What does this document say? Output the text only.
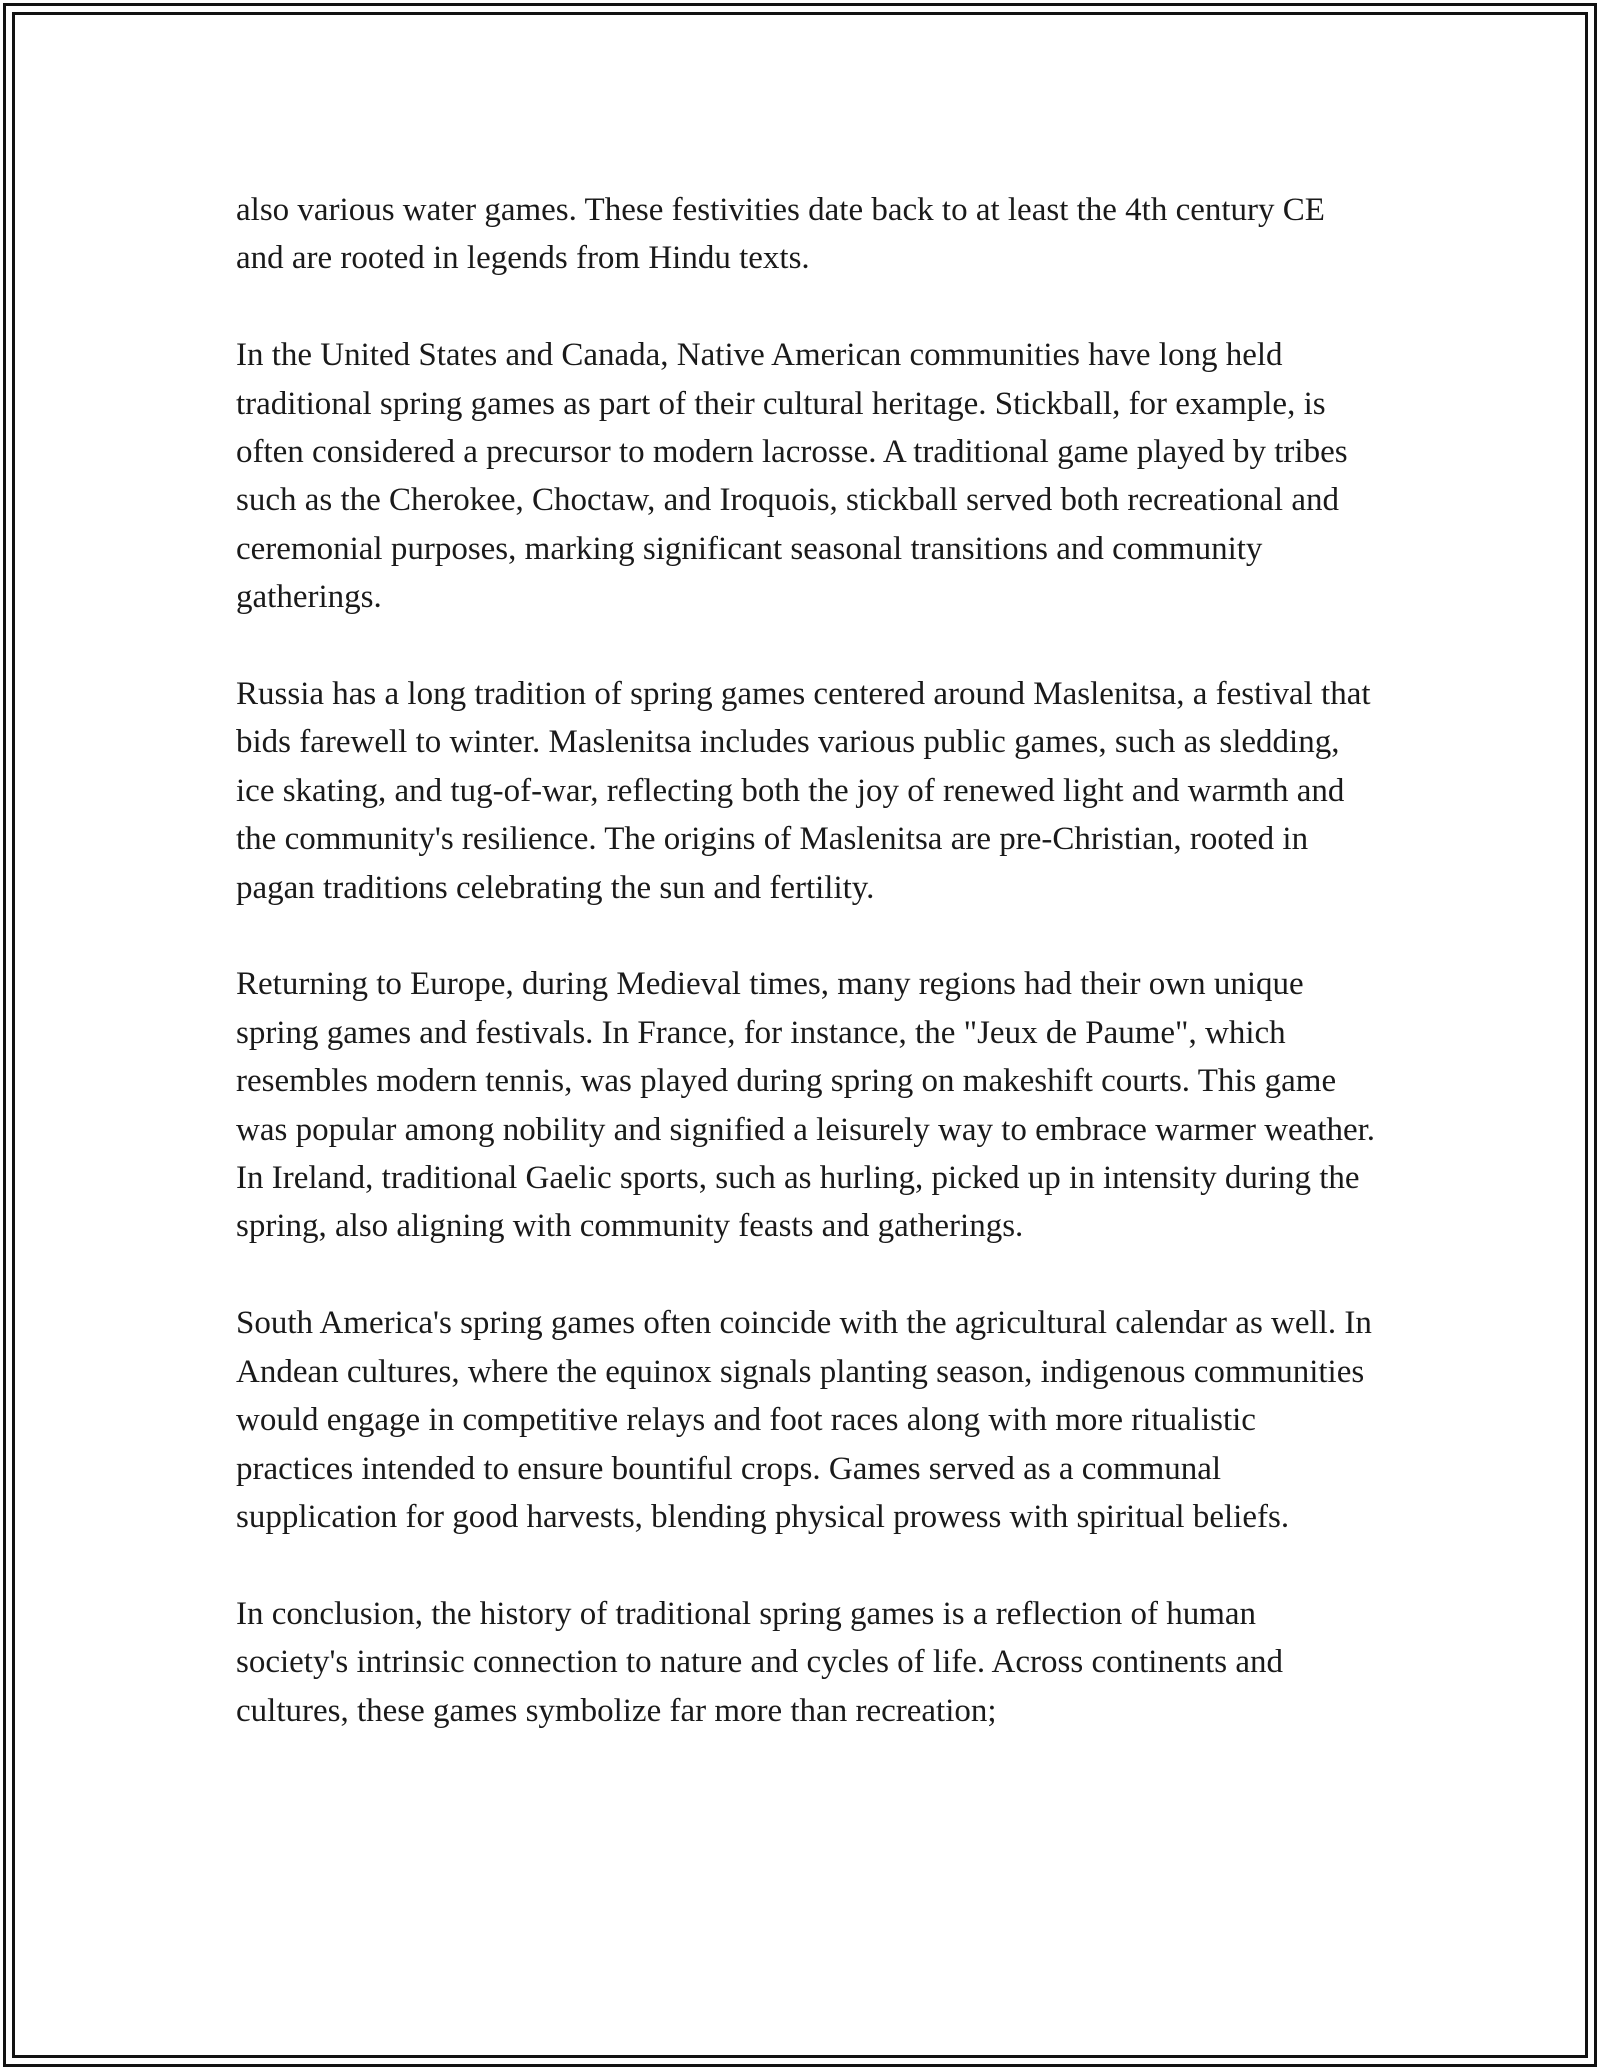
also various water games. These festivities date back to at least the 4th century CE and are rooted in legends from Hindu texts.

In the United States and Canada, Native American communities have long held traditional spring games as part of their cultural heritage. Stickball, for example, is often considered a precursor to modern lacrosse. A traditional game played by tribes such as the Cherokee, Choctaw, and Iroquois, stickball served both recreational and ceremonial purposes, marking significant seasonal transitions and community gatherings.

Russia has a long tradition of spring games centered around Maslenitsa, a festival that bids farewell to winter. Maslenitsa includes various public games, such as sledding, ice skating, and tug-of-war, reflecting both the joy of renewed light and warmth and the community's resilience. The origins of Maslenitsa are pre-Christian, rooted in pagan traditions celebrating the sun and fertility.

Returning to Europe, during Medieval times, many regions had their own unique spring games and festivals. In France, for instance, the "Jeux de Paume", which resembles modern tennis, was played during spring on makeshift courts. This game was popular among nobility and signified a leisurely way to embrace warmer weather. In Ireland, traditional Gaelic sports, such as hurling, picked up in intensity during the spring, also aligning with community feasts and gatherings.

South America's spring games often coincide with the agricultural calendar as well. In Andean cultures, where the equinox signals planting season, indigenous communities would engage in competitive relays and foot races along with more ritualistic practices intended to ensure bountiful crops. Games served as a communal supplication for good harvests, blending physical prowess with spiritual beliefs.

In conclusion, the history of traditional spring games is a reflection of human society's intrinsic connection to nature and cycles of life. Across continents and cultures, these games symbolize far more than recreation;
